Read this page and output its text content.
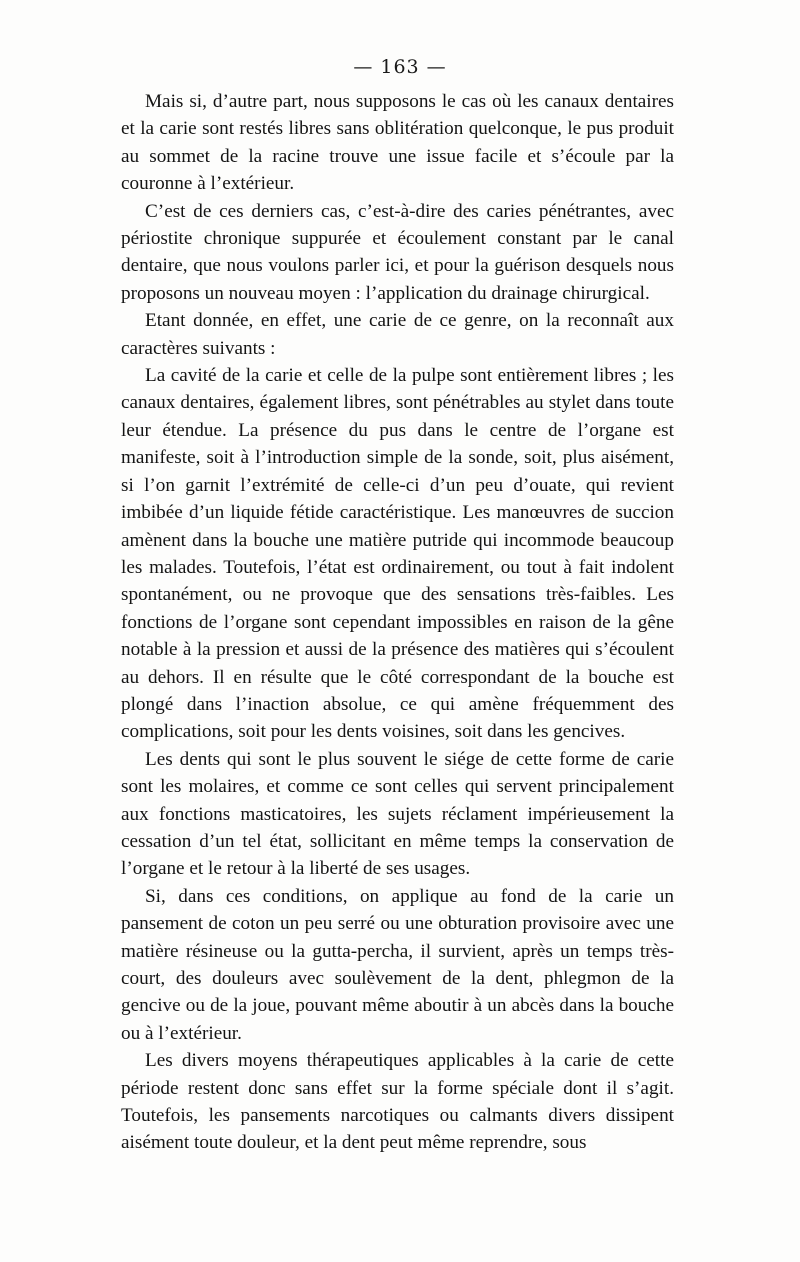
— 163 —

Mais si, d’autre part, nous supposons le cas où les canaux dentaires et la carie sont restés libres sans oblitération quelconque, le pus produit au sommet de la racine trouve une issue facile et s’écoule par la couronne à l’extérieur.

C’est de ces derniers cas, c’est-à-dire des caries pénétrantes, avec périostite chronique suppurée et écoulement constant par le canal dentaire, que nous voulons parler ici, et pour la guérison desquels nous proposons un nouveau moyen : l’application du drainage chirurgical.

Etant donnée, en effet, une carie de ce genre, on la reconnaît aux caractères suivants :

La cavité de la carie et celle de la pulpe sont entièrement libres ; les canaux dentaires, également libres, sont pénétrables au stylet dans toute leur étendue. La présence du pus dans le centre de l’organe est manifeste, soit à l’introduction simple de la sonde, soit, plus aisément, si l’on garnit l’extrémité de celle-ci d’un peu d’ouate, qui revient imbibée d’un liquide fétide caractéristique. Les manœuvres de succion amènent dans la bouche une matière putride qui incommode beaucoup les malades. Toutefois, l’état est ordinairement, ou tout à fait indolent spontanément, ou ne provoque que des sensations très-faibles. Les fonctions de l’organe sont cependant impossibles en raison de la gêne notable à la pression et aussi de la présence des matières qui s’écoulent au dehors. Il en résulte que le côté correspondant de la bouche est plongé dans l’inaction absolue, ce qui amène fréquemment des complications, soit pour les dents voisines, soit dans les gencives.

Les dents qui sont le plus souvent le siége de cette forme de carie sont les molaires, et comme ce sont celles qui servent principalement aux fonctions masticatoires, les sujets réclament impérieusement la cessation d’un tel état, sollicitant en même temps la conservation de l’organe et le retour à la liberté de ses usages.

Si, dans ces conditions, on applique au fond de la carie un pansement de coton un peu serré ou une obturation provisoire avec une matière résineuse ou la gutta-percha, il survient, après un temps très-court, des douleurs avec soulèvement de la dent, phlegmon de la gencive ou de la joue, pouvant même aboutir à un abcès dans la bouche ou à l’extérieur.

Les divers moyens thérapeutiques applicables à la carie de cette période restent donc sans effet sur la forme spéciale dont il s’agit. Toutefois, les pansements narcotiques ou calmants divers dissipent aisément toute douleur, et la dent peut même reprendre, sous
